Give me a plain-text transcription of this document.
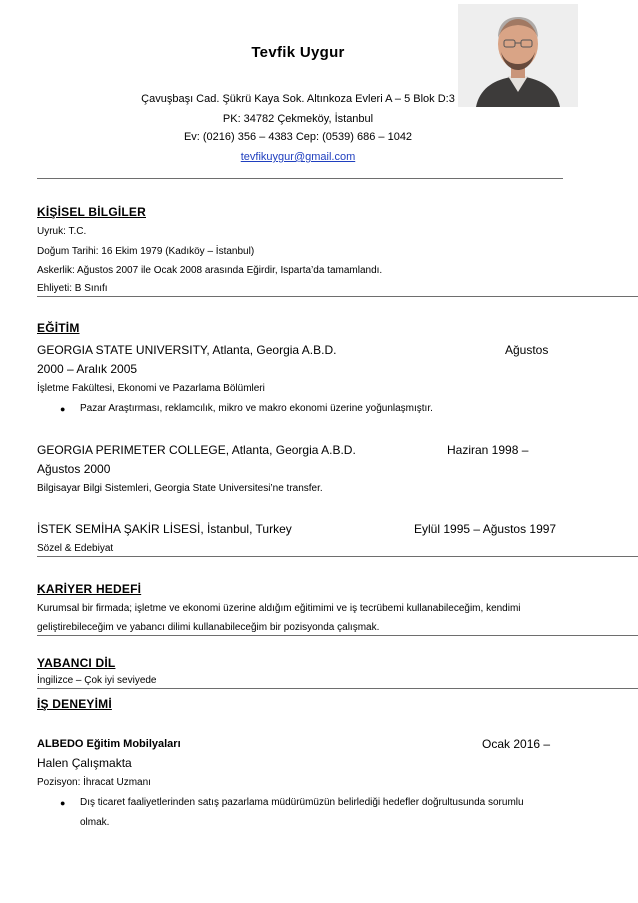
Tevfik Uygur
Çavuşbaşı Cad. Şükrü Kaya Sok. Altınkoza Evleri A – 5 Blok D:3
PK: 34782 Çekmeköy, İstanbul
Ev: (0216) 356 – 4383 Cep: (0539) 686 – 1042
tevfikuygur@gmail.com
KİŞİSEL BİLGİLER
Uyruk: T.C.
Doğum Tarihi: 16 Ekim 1979 (Kadıköy – İstanbul)
Askerlik: Ağustos 2007 ile Ocak 2008 arasında Eğirdir, Isparta’da tamamlandı.
Ehliyeti: B Sınıfı
EĞİTİM
GEORGIA STATE UNIVERSITY, Atlanta, Georgia A.B.D.	Ağustos
2000 – Aralık 2005
İşletme Fakültesi, Ekonomi ve Pazarlama Bölümleri
● Pazar Araştırması, reklamcılık, mikro ve makro ekonomi üzerine yoğunlaşmıştır.
GEORGIA PERIMETER COLLEGE, Atlanta, Georgia A.B.D.	Haziran 1998 –
Ağustos 2000
Bilgisayar Bilgi Sistemleri, Georgia State Universitesi’ne transfer.
İSTEK SEMİHA ŞAKİR LİSESİ, İstanbul, Turkey	Eylül 1995 – Ağustos 1997
Sözel & Edebiyat
KARİYER HEDEFİ
Kurumsal bir firmada; işletme ve ekonomi üzerine aldığım eğitimimi ve iş tecrübemi kullanabileceğim, kendimi
geliştirebileceğim ve yabancı dilimi kullanabileceğim bir pozisyonda çalışmak.
YABANCI DİL
İngilizce – Çok iyi seviyede
İŞ DENEYİMİ
ALBEDO Eğitim Mobilyaları	Ocak 2016 –
Halen Çalışmakta
Pozisyon: İhracat Uzmanı
● Dış ticaret faaliyetlerinden satış pazarlama müdürümüzün belirlediği hedefler doğrultusunda sorumlu
olmak.
